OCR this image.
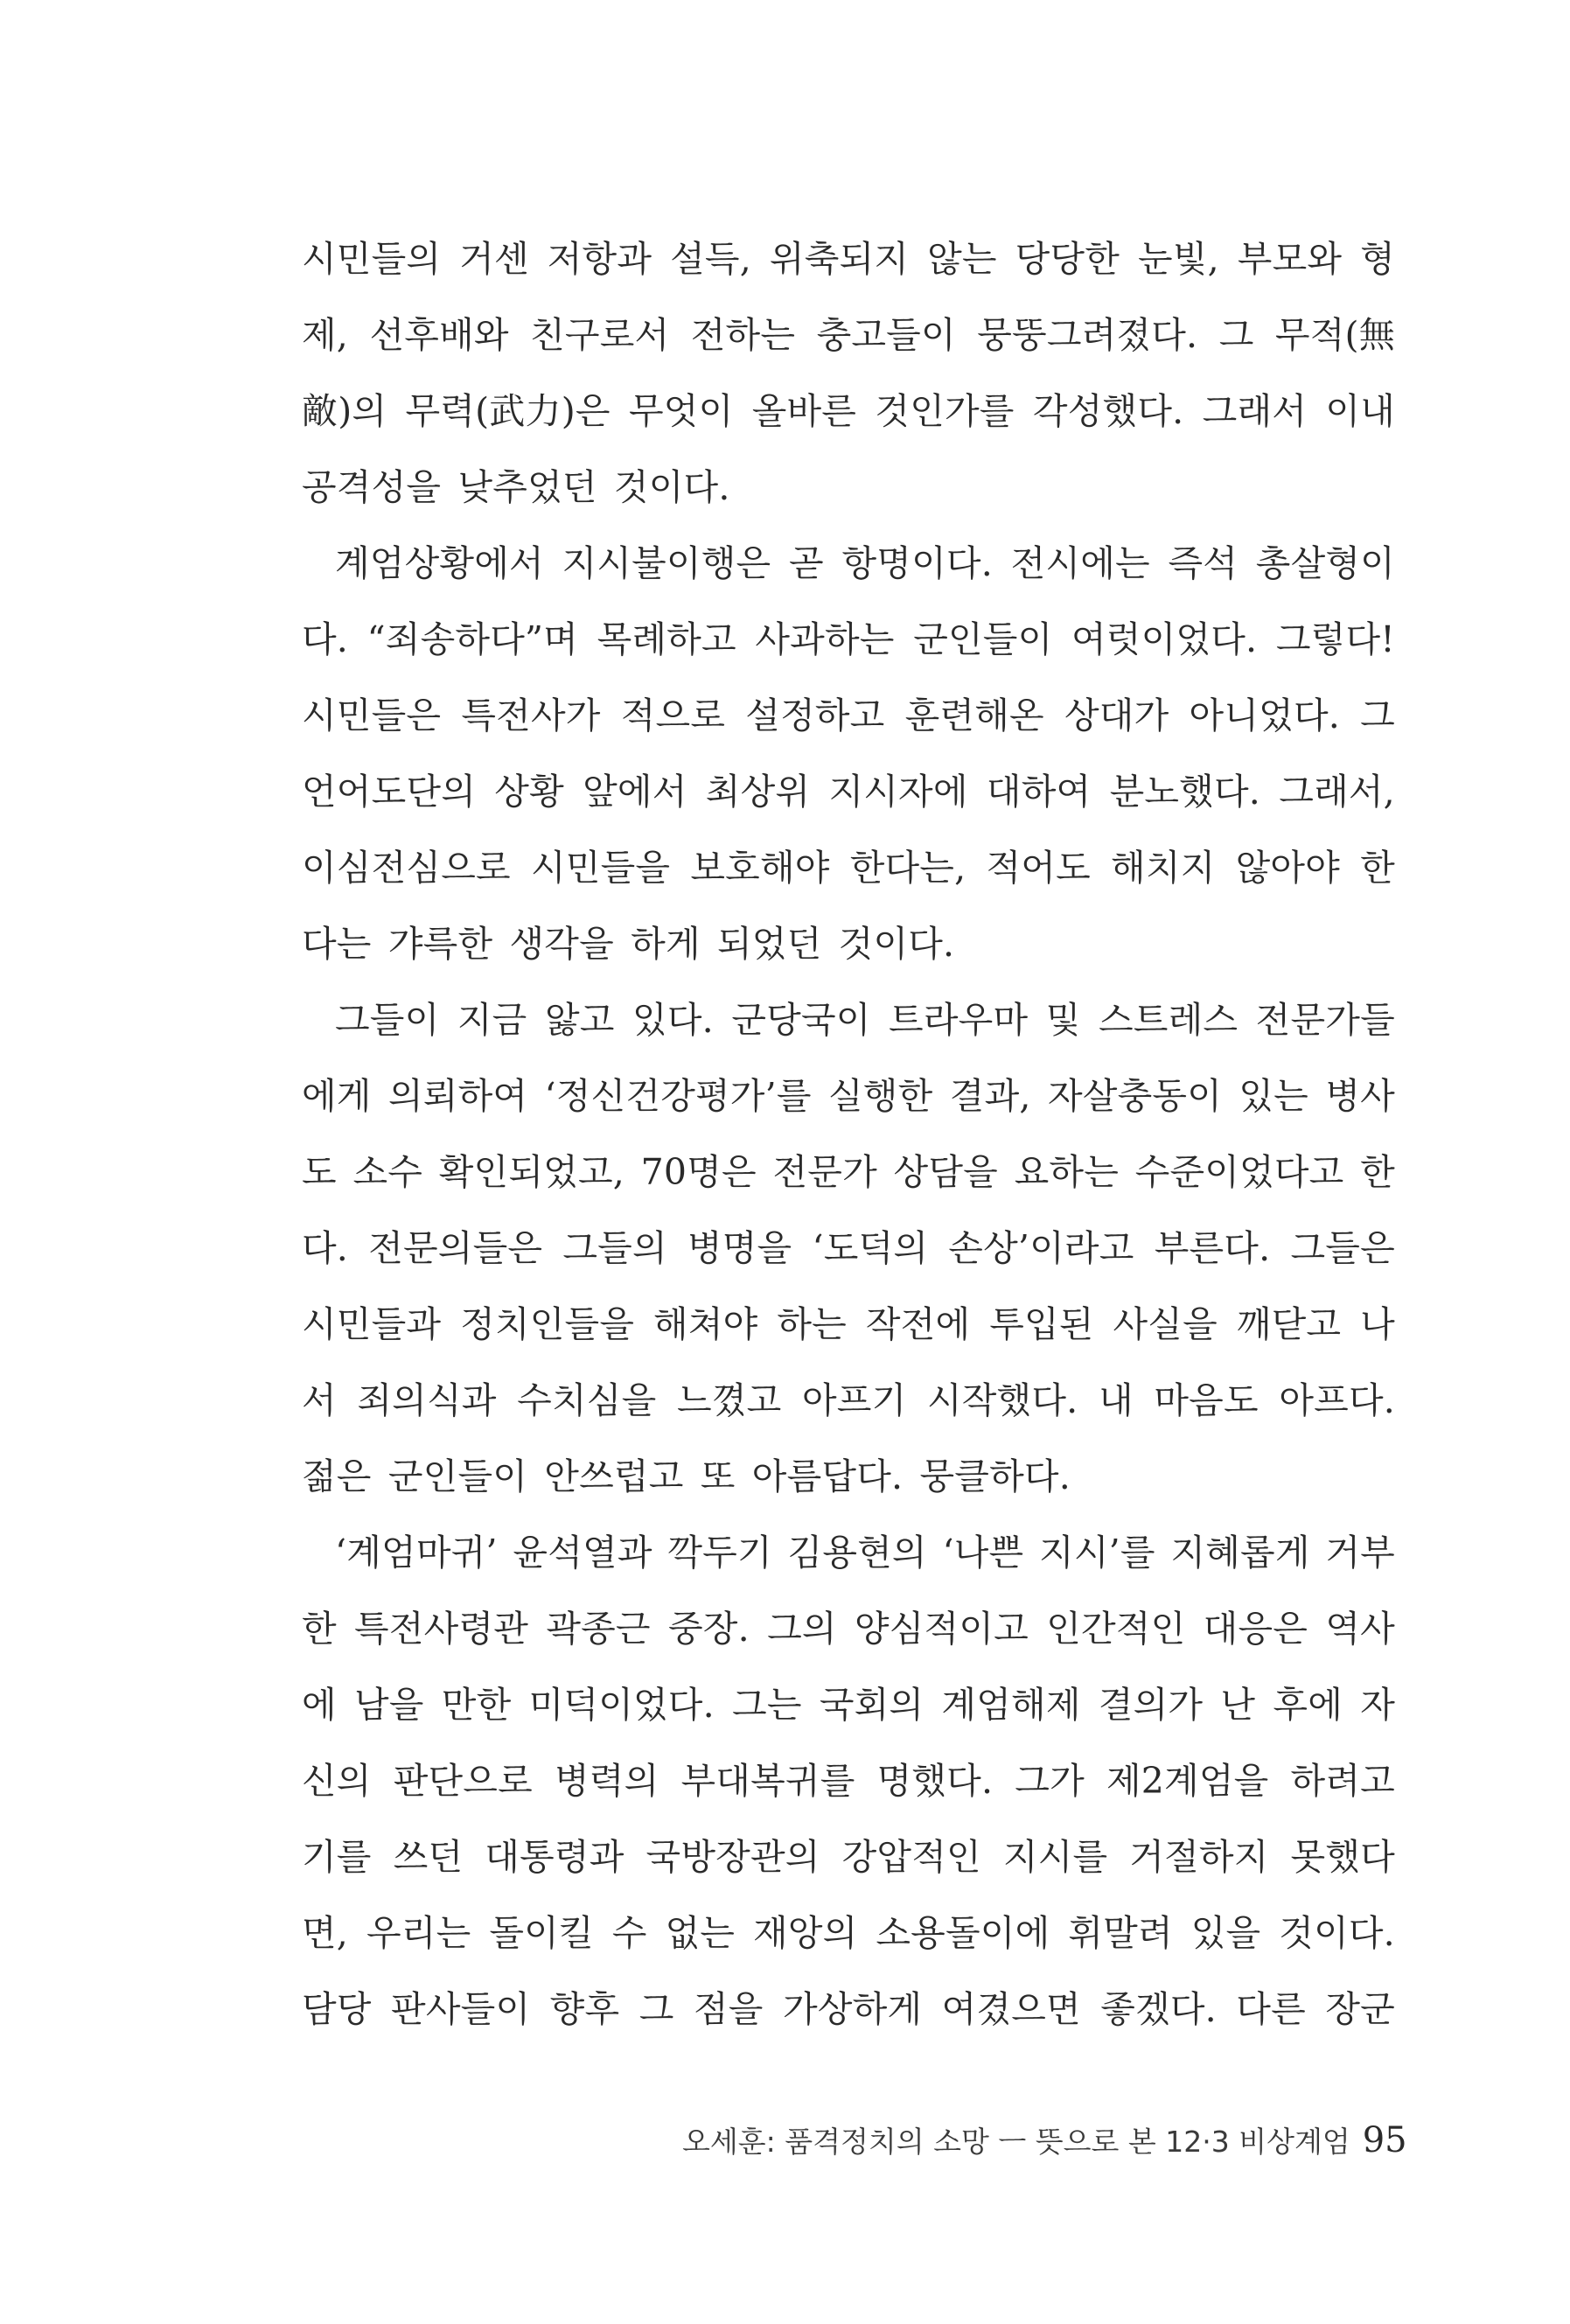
시민들의 거센 저항과 설득, 위축되지 않는 당당한 눈빛, 부모와 형
제, 선후배와 친구로서 전하는 충고들이 뭉뚱그려졌다. 그 무적(無
敵)의 무력(武力)은 무엇이 올바른 것인가를 각성했다. 그래서 이내
공격성을 낮추었던 것이다.
계엄상황에서 지시불이행은 곧 항명이다. 전시에는 즉석 총살형이
다. “죄송하다”며 목례하고 사과하는 군인들이 여럿이었다. 그렇다!
시민들은 특전사가 적으로 설정하고 훈련해온 상대가 아니었다. 그
언어도단의 상황 앞에서 최상위 지시자에 대하여 분노했다. 그래서,
이심전심으로 시민들을 보호해야 한다는, 적어도 해치지 않아야 한
다는 갸륵한 생각을 하게 되었던 것이다.
그들이 지금 앓고 있다. 군당국이 트라우마 및 스트레스 전문가들
에게 의뢰하여 ‘정신건강평가’를 실행한 결과, 자살충동이 있는 병사
도 소수 확인되었고, 70명은 전문가 상담을 요하는 수준이었다고 한
다. 전문의들은 그들의 병명을 ‘도덕의 손상’이라고 부른다. 그들은
시민들과 정치인들을 해쳐야 하는 작전에 투입된 사실을 깨닫고 나
서 죄의식과 수치심을 느꼈고 아프기 시작했다. 내 마음도 아프다.
젊은 군인들이 안쓰럽고 또 아름답다. 뭉클하다.
‘계엄마귀’ 윤석열과 깍두기 김용현의 ‘나쁜 지시’를 지혜롭게 거부
한 특전사령관 곽종근 중장. 그의 양심적이고 인간적인 대응은 역사
에 남을 만한 미덕이었다. 그는 국회의 계엄해제 결의가 난 후에 자
신의 판단으로 병력의 부대복귀를 명했다. 그가 제2계엄을 하려고
기를 쓰던 대통령과 국방장관의 강압적인 지시를 거절하지 못했다
면, 우리는 돌이킬 수 없는 재앙의 소용돌이에 휘말려 있을 것이다.
담당 판사들이 향후 그 점을 가상하게 여겼으면 좋겠다. 다른 장군
오세훈: 품격정치의 소망 ㅡ 뜻으로 본 12·3 비상계엄 95
